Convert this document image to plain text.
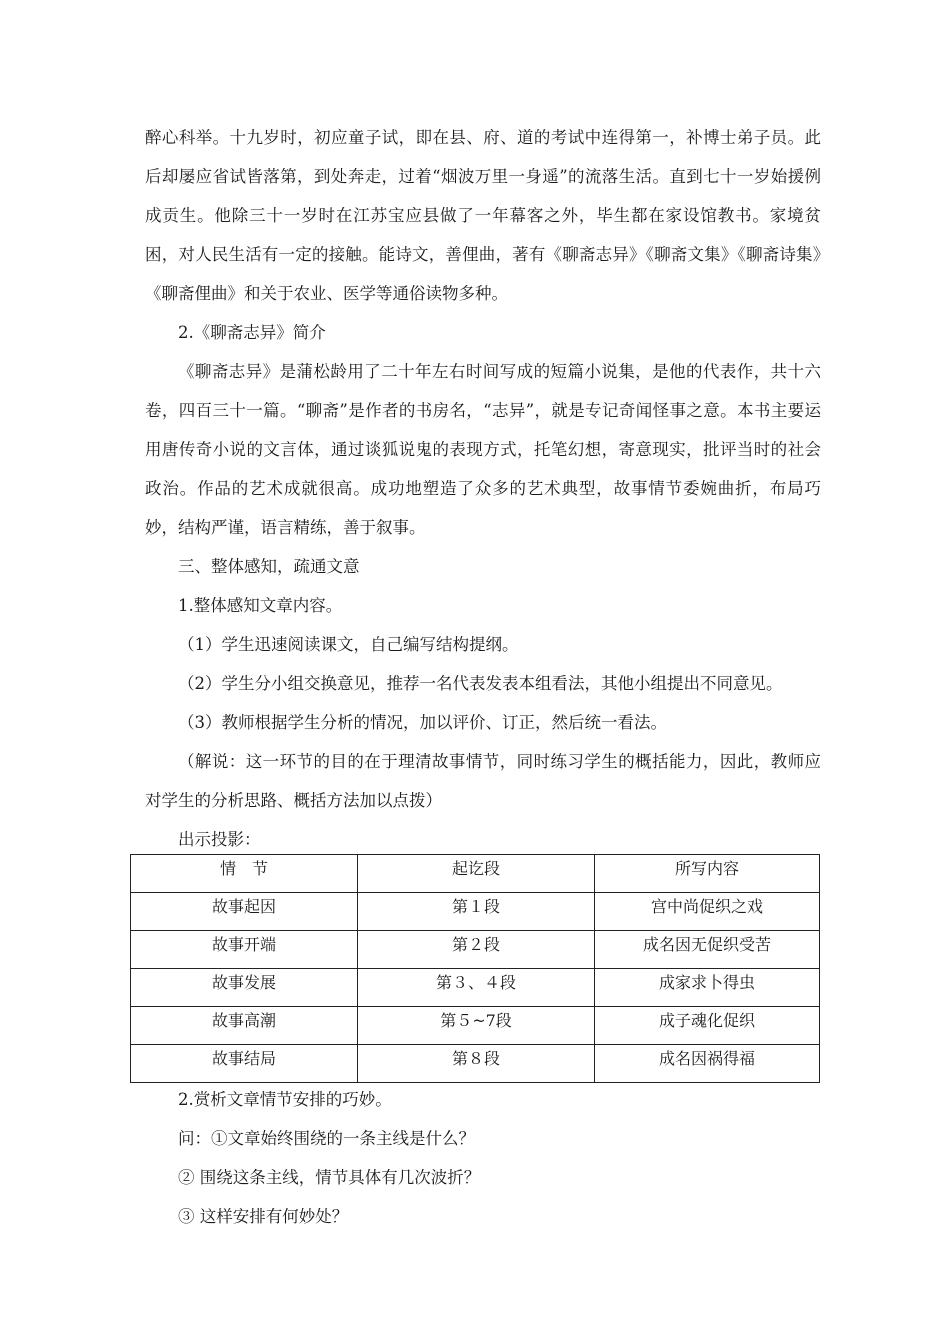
醉心科举。十九岁时，初应童子试，即在县、府、道的考试中连得第一，补博士弟子员。此后却屡应省试皆落第，到处奔走，过着“烟波万里一身遥”的流落生活。直到七十一岁始援例成贡生。他除三十一岁时在江苏宝应县做了一年幕客之外，毕生都在家设馆教书。家境贫困，对人民生活有一定的接触。能诗文，善俚曲，著有《聊斋志异》《聊斋文集》《聊斋诗集》《聊斋俚曲》和关于农业、医学等通俗读物多种。

2.《聊斋志异》简介

《聊斋志异》是蒲松龄用了二十年左右时间写成的短篇小说集，是他的代表作，共十六卷，四百三十一篇。“聊斋”是作者的书房名，“志异”，就是专记奇闻怪事之意。本书主要运用唐传奇小说的文言体，通过谈狐说鬼的表现方式，托笔幻想，寄意现实，批评当时的社会政治。作品的艺术成就很高。成功地塑造了众多的艺术典型，故事情节委婉曲折，布局巧妙，结构严谨，语言精练，善于叙事。

三、整体感知，疏通文意

1.整体感知文章内容。

（1）学生迅速阅读课文，自己编写结构提纲。

（2）学生分小组交换意见，推荐一名代表发表本组看法，其他小组提出不同意见。

（3）教师根据学生分析的情况，加以评价、订正，然后统一看法。

（解说：这一环节的目的在于理清故事情节，同时练习学生的概括能力，因此，教师应对学生的分析思路、概括方法加以点拨）

出示投影：

情　节	起讫段	所写内容
故事起因	第１段	宫中尚促织之戏
故事开端	第２段	成名因无促织受苦
故事发展	第３、４段	成家求卜得虫
故事高潮	第５~7段	成子魂化促织
故事结局	第８段	成名因祸得福

2.赏析文章情节安排的巧妙。

问：①文章始终围绕的一条主线是什么？

② 围绕这条主线，情节具体有几次波折？

③ 这样安排有何妙处？
